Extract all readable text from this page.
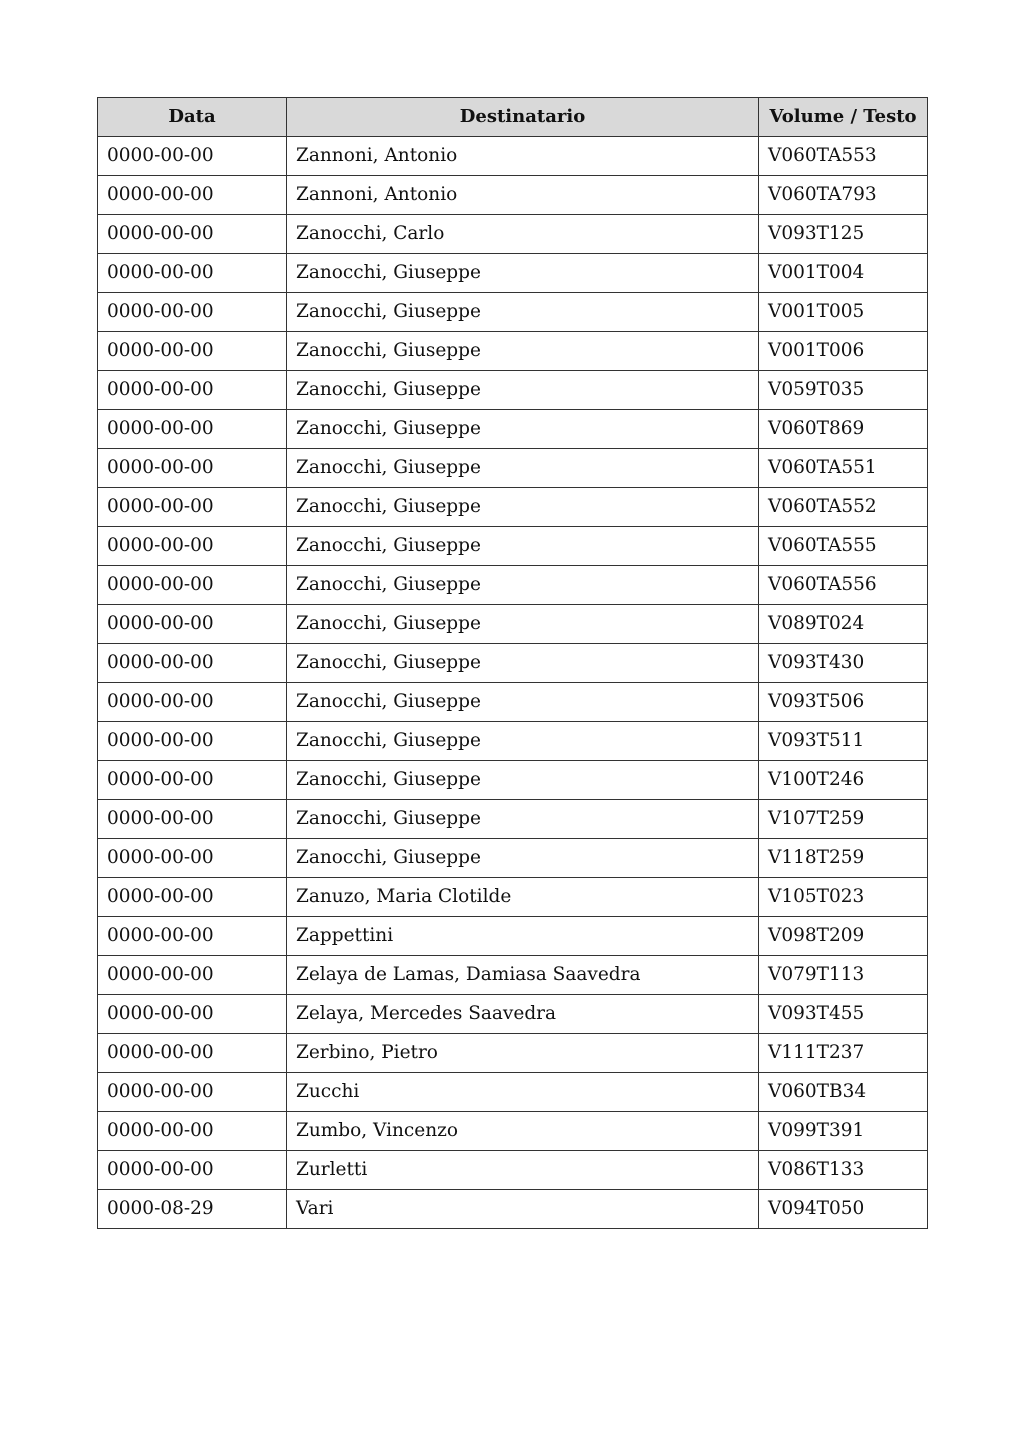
Data	Destinatario	Volume / Testo
0000-00-00	Zannoni, Antonio	V060TA553
0000-00-00	Zannoni, Antonio	V060TA793
0000-00-00	Zanocchi, Carlo	V093T125
0000-00-00	Zanocchi, Giuseppe	V001T004
0000-00-00	Zanocchi, Giuseppe	V001T005
0000-00-00	Zanocchi, Giuseppe	V001T006
0000-00-00	Zanocchi, Giuseppe	V059T035
0000-00-00	Zanocchi, Giuseppe	V060T869
0000-00-00	Zanocchi, Giuseppe	V060TA551
0000-00-00	Zanocchi, Giuseppe	V060TA552
0000-00-00	Zanocchi, Giuseppe	V060TA555
0000-00-00	Zanocchi, Giuseppe	V060TA556
0000-00-00	Zanocchi, Giuseppe	V089T024
0000-00-00	Zanocchi, Giuseppe	V093T430
0000-00-00	Zanocchi, Giuseppe	V093T506
0000-00-00	Zanocchi, Giuseppe	V093T511
0000-00-00	Zanocchi, Giuseppe	V100T246
0000-00-00	Zanocchi, Giuseppe	V107T259
0000-00-00	Zanocchi, Giuseppe	V118T259
0000-00-00	Zanuzo, Maria Clotilde	V105T023
0000-00-00	Zappettini	V098T209
0000-00-00	Zelaya de Lamas, Damiasa Saavedra	V079T113
0000-00-00	Zelaya, Mercedes Saavedra	V093T455
0000-00-00	Zerbino, Pietro	V111T237
0000-00-00	Zucchi	V060TB34
0000-00-00	Zumbo, Vincenzo	V099T391
0000-00-00	Zurletti	V086T133
0000-08-29	Vari	V094T050
